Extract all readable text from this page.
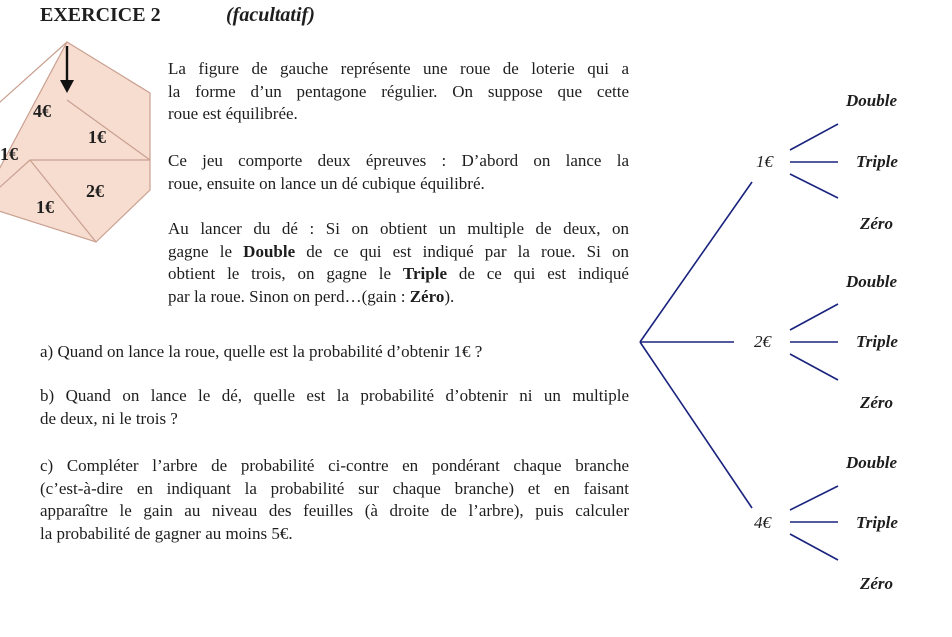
EXERCICE 2	(facultatif)
4€
1€
1€
2€
1€
La figure de gauche représente une roue de loterie qui a
la forme d’un pentagone régulier. On suppose que cette
roue est équilibrée.
Ce jeu comporte deux épreuves : D’abord on lance la
roue, ensuite on lance un dé cubique équilibré.
Au lancer du dé : Si on obtient un multiple de deux, on
gagne le Double de ce qui est indiqué par la roue. Si on
obtient le trois, on gagne le Triple de ce qui est indiqué
par la roue. Sinon on perd…(gain : Zéro).
a) Quand on lance la roue, quelle est la probabilité d’obtenir 1€ ?
b) Quand on lance le dé, quelle est la probabilité d’obtenir ni un multiple
de deux, ni le trois ?
c) Compléter l’arbre de probabilité ci-contre en pondérant chaque branche
(c’est-à-dire en indiquant la probabilité sur chaque branche) et en faisant
apparaître le gain au niveau des feuilles (à droite de l’arbre), puis calculer
la probabilité de gagner au moins 5€.
1€
2€
4€
Double
Triple
Zéro
Double
Triple
Zéro
Double
Triple
Zéro
